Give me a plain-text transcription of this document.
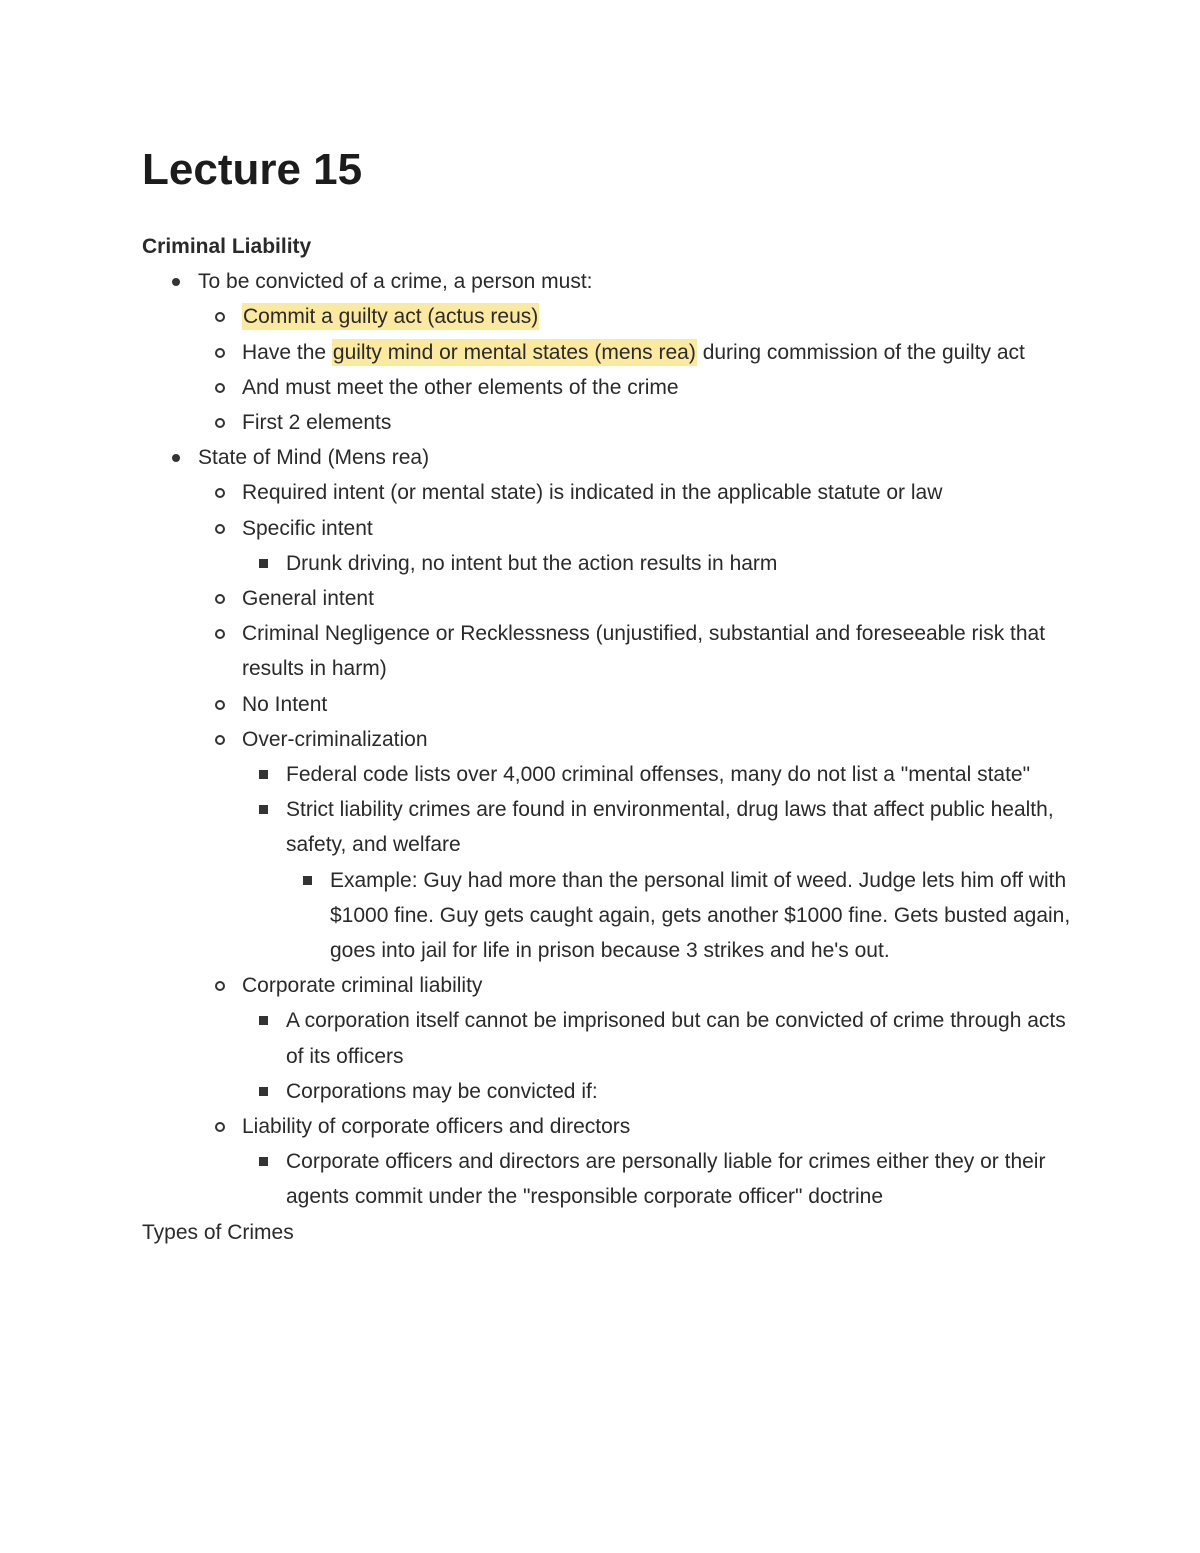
Lecture 15

Criminal Liability

To be convicted of a crime, a person must:
Commit a guilty act (actus reus)
Have the guilty mind or mental states (mens rea) during commission of the guilty act
And must meet the other elements of the crime
First 2 elements
State of Mind (Mens rea)
Required intent (or mental state) is indicated in the applicable statute or law
Specific intent
Drunk driving, no intent but the action results in harm
General intent
Criminal Negligence or Recklessness (unjustified, substantial and foreseeable risk that results in harm)
No Intent
Over-criminalization
Federal code lists over 4,000 criminal offenses, many do not list a "mental state"
Strict liability crimes are found in environmental, drug laws that affect public health, safety, and welfare
Example: Guy had more than the personal limit of weed. Judge lets him off with $1000 fine. Guy gets caught again, gets another $1000 fine. Gets busted again, goes into jail for life in prison because 3 strikes and he's out.
Corporate criminal liability
A corporation itself cannot be imprisoned but can be convicted of crime through acts of its officers
Corporations may be convicted if:
Liability of corporate officers and directors
Corporate officers and directors are personally liable for crimes either they or their agents commit under the "responsible corporate officer" doctrine

Types of Crimes
